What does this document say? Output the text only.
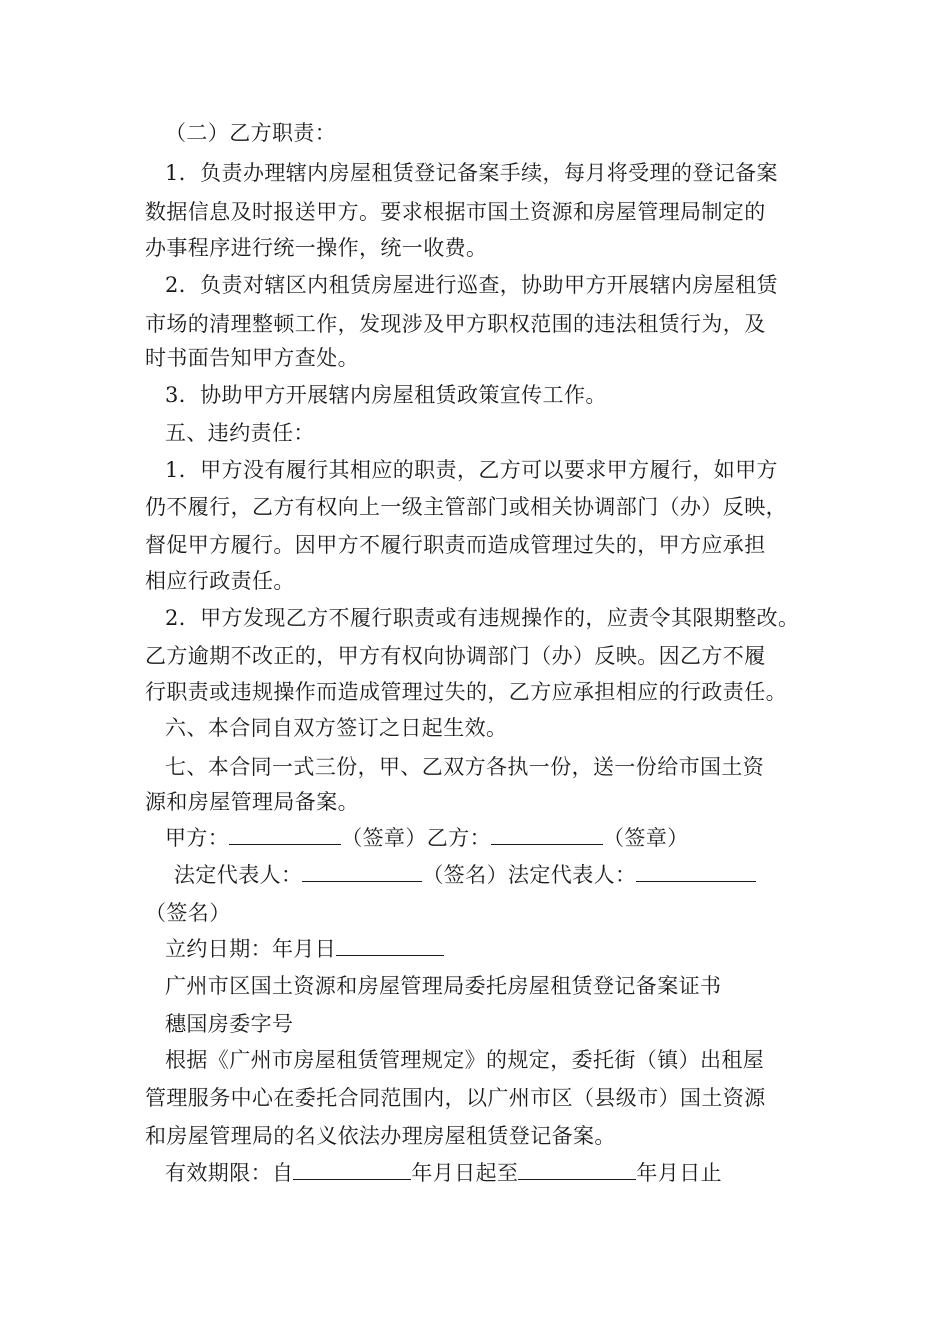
（二）乙方职责：
1．负责办理辖内房屋租赁登记备案手续，每月将受理的登记备案
数据信息及时报送甲方。要求根据市国土资源和房屋管理局制定的
办事程序进行统一操作，统一收费。
2．负责对辖区内租赁房屋进行巡查，协助甲方开展辖内房屋租赁
市场的清理整顿工作，发现涉及甲方职权范围的违法租赁行为，及
时书面告知甲方查处。
3．协助甲方开展辖内房屋租赁政策宣传工作。
五、违约责任：
1．甲方没有履行其相应的职责，乙方可以要求甲方履行，如甲方
仍不履行，乙方有权向上一级主管部门或相关协调部门（办）反映，
督促甲方履行。因甲方不履行职责而造成管理过失的，甲方应承担
相应行政责任。
2．甲方发现乙方不履行职责或有违规操作的，应责令其限期整改。
乙方逾期不改正的，甲方有权向协调部门（办）反映。因乙方不履
行职责或违规操作而造成管理过失的，乙方应承担相应的行政责任。
六、本合同自双方签订之日起生效。
七、本合同一式三份，甲、乙双方各执一份，送一份给市国土资
源和房屋管理局备案。
甲方：	（签章）乙方：	（签章）
法定代表人：	（签名）法定代表人：
（签名）
立约日期：年月日
广州市区国土资源和房屋管理局委托房屋租赁登记备案证书
穗国房委字号
根据《广州市房屋租赁管理规定》的规定，委托街（镇）出租屋
管理服务中心在委托合同范围内，以广州市区（县级市）国土资源
和房屋管理局的名义依法办理房屋租赁登记备案。
有效期限：自	年月日起至	年月日止
